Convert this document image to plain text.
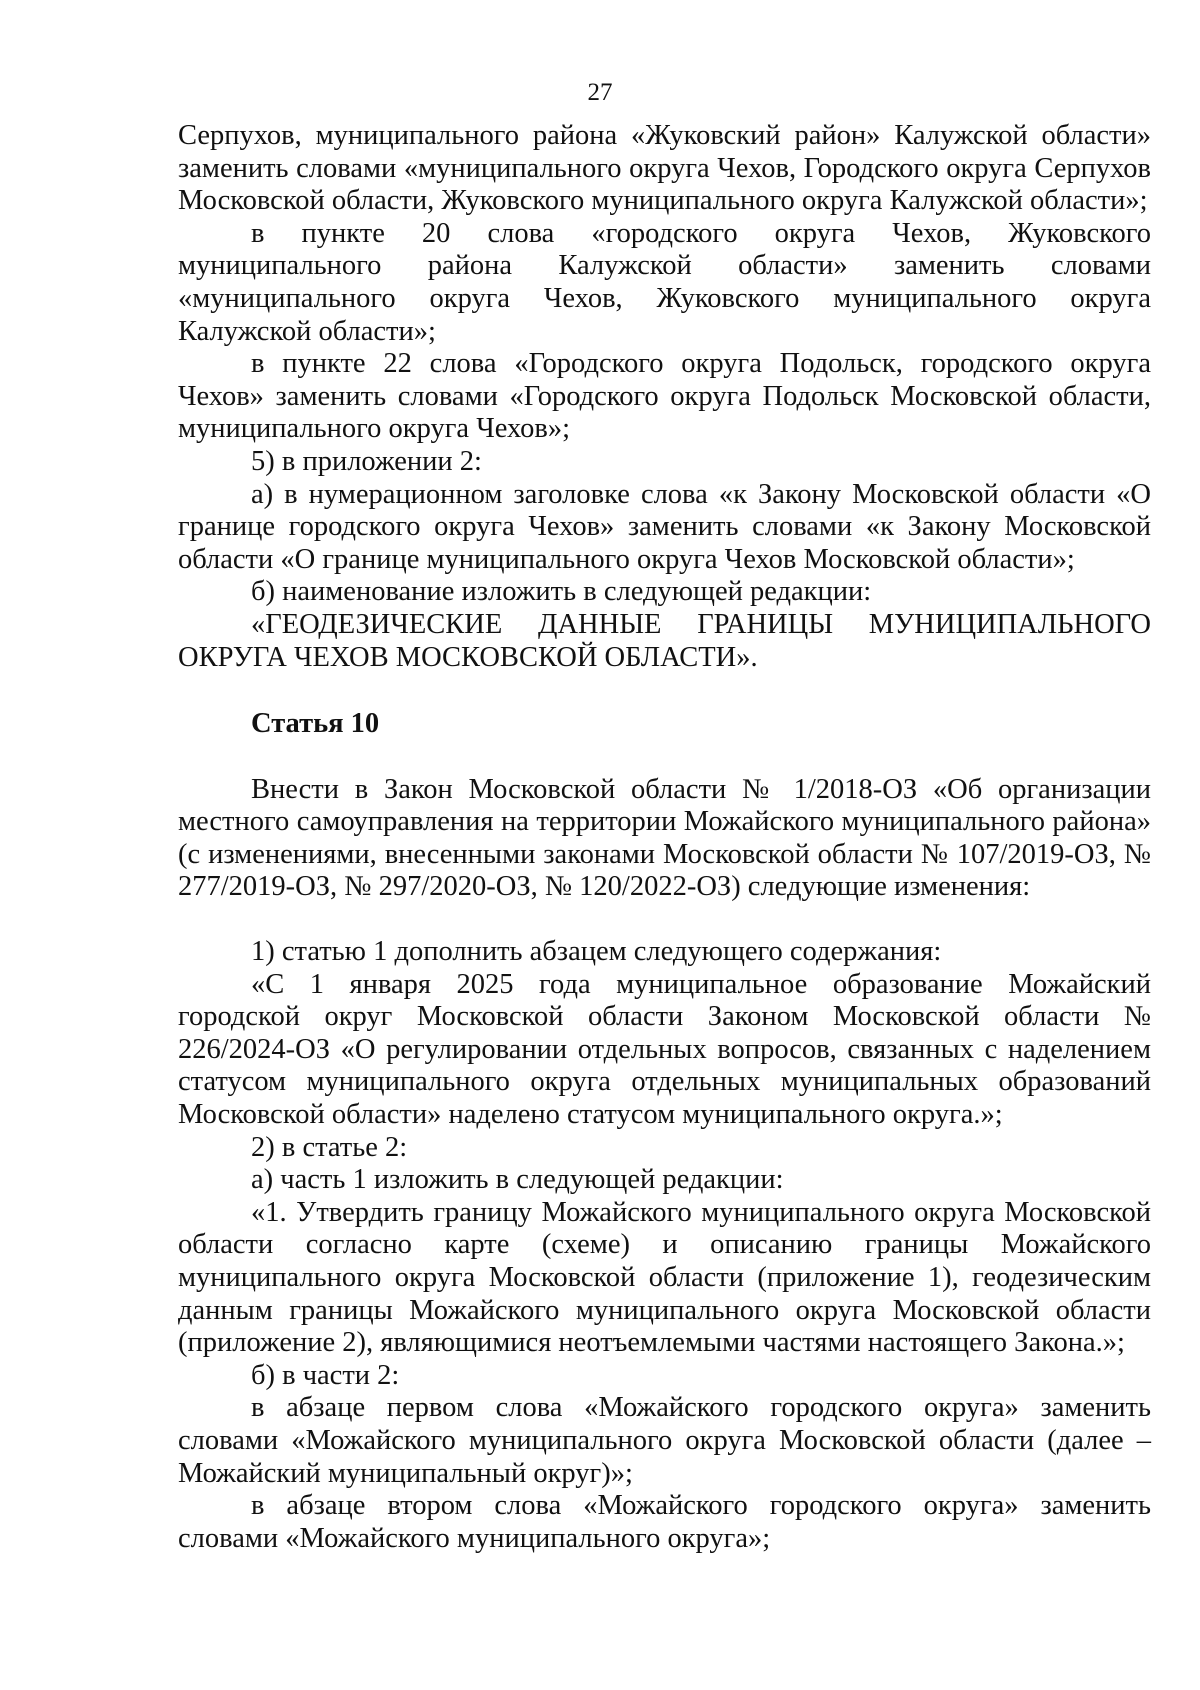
27

Серпухов, муниципального района «Жуковский район» Калужской области» заменить словами «муниципального округа Чехов, Городского округа Серпухов Московской области, Жуковского муниципального округа Калужской области»;

в пункте 20 слова «городского округа Чехов, Жуковского муниципального района Калужской области» заменить словами «муниципального округа Чехов, Жуковского муниципального округа Калужской области»;

в пункте 22 слова «Городского округа Подольск, городского округа Чехов» заменить словами «Городского округа Подольск Московской области, муниципального округа Чехов»;

5) в приложении 2:

а) в нумерационном заголовке слова «к Закону Московской области «О границе городского округа Чехов» заменить словами «к Закону Московской области «О границе муниципального округа Чехов Московской области»;

б) наименование изложить в следующей редакции:

«ГЕОДЕЗИЧЕСКИЕ ДАННЫЕ ГРАНИЦЫ МУНИЦИПАЛЬНОГО ОКРУГА ЧЕХОВ МОСКОВСКОЙ ОБЛАСТИ».

Статья 10

Внести в Закон Московской области № 1/2018-ОЗ «Об организации местного самоуправления на территории Можайского муниципального района» (с изменениями, внесенными законами Московской области № 107/2019-ОЗ, № 277/2019-ОЗ, № 297/2020-ОЗ, № 120/2022-ОЗ) следующие изменения:

1) статью 1 дополнить абзацем следующего содержания:

«С 1 января 2025 года муниципальное образование Можайский городской округ Московской области Законом Московской области № 226/2024-ОЗ «О регулировании отдельных вопросов, связанных с наделением статусом муниципального округа отдельных муниципальных образований Московской области» наделено статусом муниципального округа.»;

2) в статье 2:

а) часть 1 изложить в следующей редакции:

«1. Утвердить границу Можайского муниципального округа Московской области согласно карте (схеме) и описанию границы Можайского муниципального округа Московской области (приложение 1), геодезическим данным границы Можайского муниципального округа Московской области (приложение 2), являющимися неотъемлемыми частями настоящего Закона.»;

б) в части 2:

в абзаце первом слова «Можайского городского округа» заменить словами «Можайского муниципального округа Московской области (далее – Можайский муниципальный округ)»;

в абзаце втором слова «Можайского городского округа» заменить словами «Можайского муниципального округа»;
